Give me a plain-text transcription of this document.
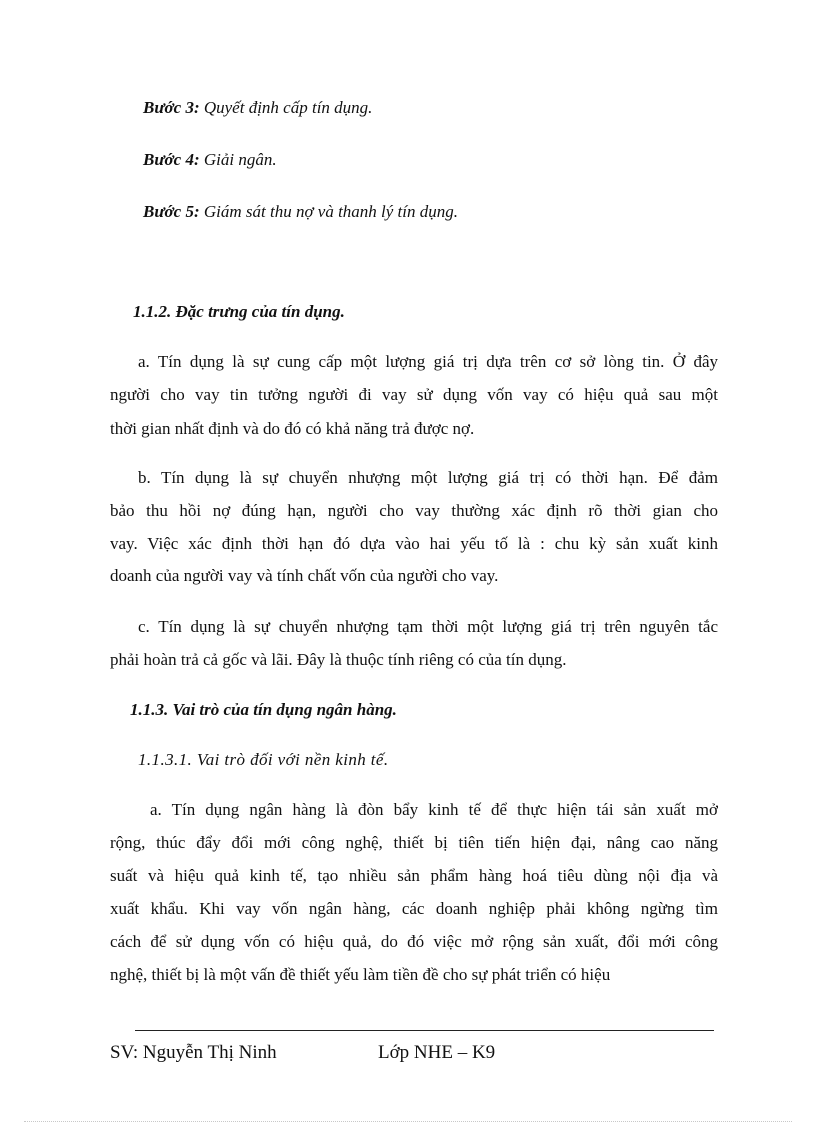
Bước 3: Quyết định cấp tín dụng.
Bước 4: Giải ngân.
Bước 5: Giám sát thu nợ và thanh lý tín dụng.
1.1.2. Đặc trưng của tín dụng.
a. Tín dụng là sự cung cấp một lượng giá trị dựa trên cơ sở lòng tin. Ở đây
người cho vay tin tưởng người đi vay sử dụng vốn vay có hiệu quả sau một
thời gian nhất định và do đó có khả năng trả được nợ.
b. Tín dụng là sự chuyển nhượng một lượng giá trị có thời hạn. Để đảm
bảo thu hồi nợ đúng hạn, người cho vay thường xác định rõ thời gian cho
vay. Việc xác định thời hạn đó dựa vào hai yếu tố là : chu kỳ sản xuất kinh
doanh của người vay và tính chất vốn của người cho vay.
c. Tín dụng là sự chuyển nhượng tạm thời một lượng giá trị trên nguyên tắc
phải hoàn trả cả gốc và lãi. Đây là thuộc tính riêng có của tín dụng.
1.1.3. Vai trò của tín dụng ngân hàng.
1.1.3.1. Vai trò đối với nền kinh tế.
a. Tín dụng ngân hàng là đòn bẩy kinh tế để thực hiện tái sản xuất mở
rộng, thúc đẩy đổi mới công nghệ, thiết bị tiên tiến hiện đại, nâng cao năng
suất và hiệu quả kinh tế, tạo nhiều sản phẩm hàng hoá tiêu dùng nội địa và
xuất khẩu. Khi vay vốn ngân hàng, các doanh nghiệp phải không ngừng tìm
cách để sử dụng vốn có hiệu quả, do đó việc mở rộng sản xuất, đổi mới công
nghệ, thiết bị là một vấn đề thiết yếu làm tiền đề cho sự phát triển có hiệu
SV: Nguyễn Thị Ninh	Lớp NHE – K9
